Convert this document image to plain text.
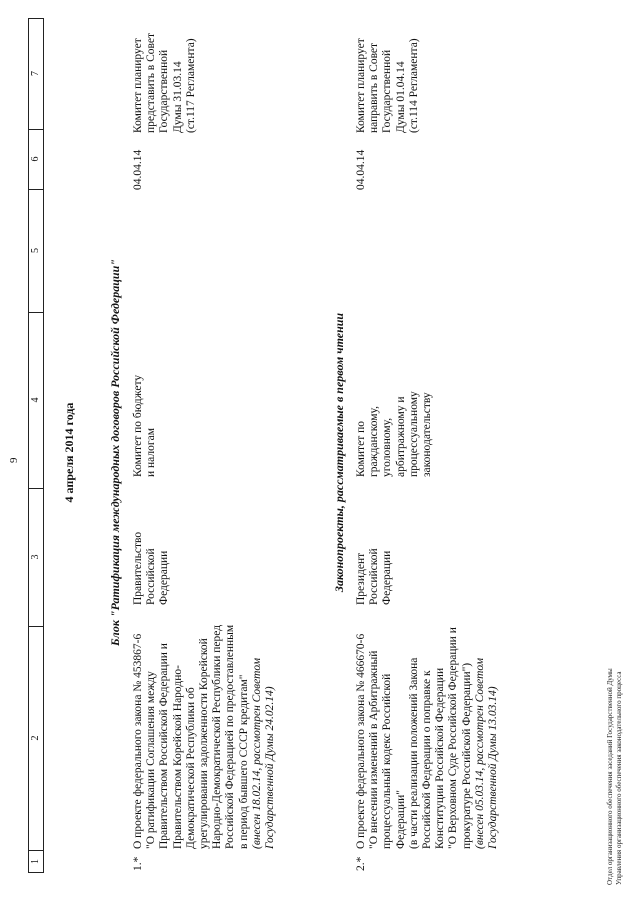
9
1
2
3
4
5
6
7
4 апреля 2014 года	Блок "Ратификация международных договоров Российской Федерации"
1.*
О проекте федерального закона № 453867-6 "О ратификации Соглашения между Правительством Российской Федерации и Правительством Корейской Народно- Демократической Республики об урегулировании задолженности Корейской Народно-Демократической Республики перед Российской Федерацией по предоставленным в период бывшего СССР кредитам" (внесен 18.02.14, рассмотрен Советом Государственной Думы 24.02.14)
Правительство Российской Федерации
Комитет по бюджету и налогам
04.04.14
Комитет планирует представить в Совет Государственной Думы 31.03.14 (ст.117 Регламента)
Законопроекты, рассматриваемые в первом чтении
2.*
О проекте федерального закона № 466670-6 "О внесении изменений в Арбитражный процессуальный кодекс Российской Федерации" (в части реализации положений Закона Российской Федерации о поправке к Конституции Российской Федерации "О Верховном Суде Российской Федерации и прокуратуре Российской Федерации") (внесен 05.03.14, рассмотрен Советом Государственной Думы 13.03.14)
Президент Российской Федерации
Комитет по гражданскому, уголовному, арбитражному и процессуальному законодательству
04.04.14
Комитет планирует направить в Совет Государственной Думы 01.04.14 (ст.114 Регламента)
Отдел организационного обеспечения заседаний Государственной Думы Управления организационного обеспечения законодательного процесса
